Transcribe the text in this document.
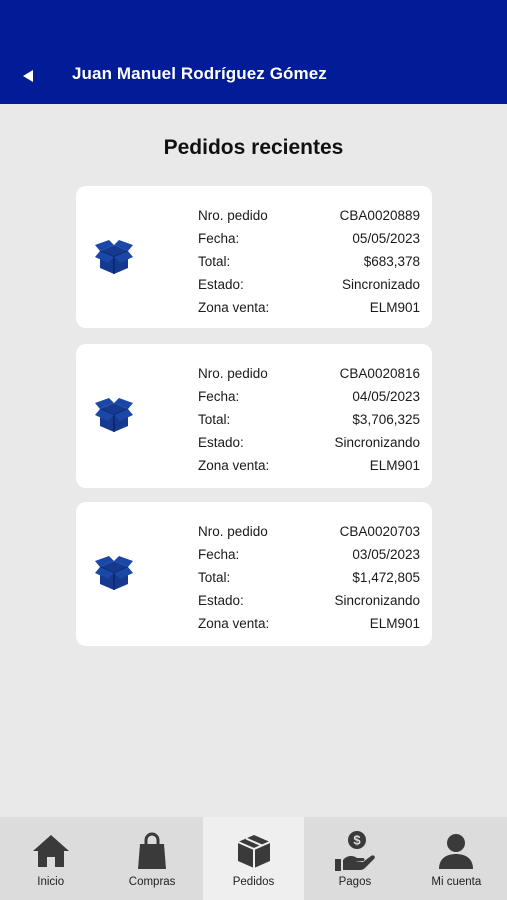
Juan Manuel Rodríguez Gómez
Pedidos recientes
Nro. pedido	CBA0020889
Fecha:	05/05/2023
Total:	$683,378
Estado:	Sincronizado
Zona venta:	ELM901
Nro. pedido	CBA0020816
Fecha:	04/05/2023
Total:	$3,706,325
Estado:	Sincronizando
Zona venta:	ELM901
Nro. pedido	CBA0020703
Fecha:	03/05/2023
Total:	$1,472,805
Estado:	Sincronizando
Zona venta:	ELM901
Inicio	Compras	Pedidos
$
Pagos	Mi cuenta
